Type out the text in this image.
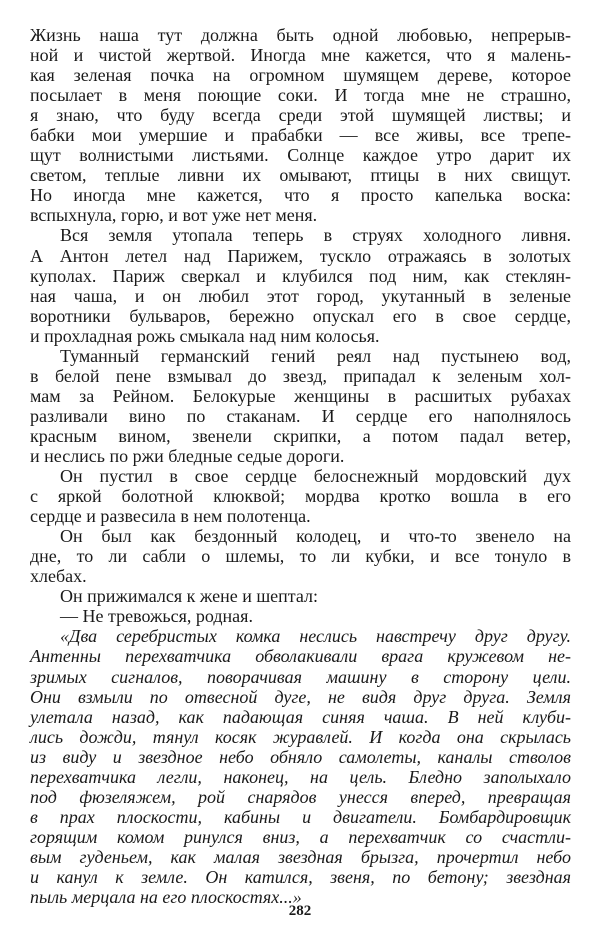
Жизнь наша тут должна быть одной любовью, непрерыв-
ной и чистой жертвой. Иногда мне кажется, что я малень-
кая зеленая почка на огромном шумящем дереве, которое
посылает в меня поющие соки. И тогда мне не страшно,
я знаю, что буду всегда среди этой шумящей листвы; и
бабки мои умершие и прабабки — все живы, все трепе-
щут волнистыми листьями. Солнце каждое утро дарит их
светом, теплые ливни их омывают, птицы в них свищут.
Но иногда мне кажется, что я просто капелька воска:
вспыхнула, горю, и вот уже нет меня.
Вся земля утопала теперь в струях холодного ливня.
А Антон летел над Парижем, тускло отражаясь в золотых
куполах. Париж сверкал и клубился под ним, как стеклян-
ная чаша, и он любил этот город, укутанный в зеленые
воротники бульваров, бережно опускал его в свое сердце,
и прохладная рожь смыкала над ним колосья.
Туманный германский гений реял над пустынею вод,
в белой пене взмывал до звезд, припадал к зеленым хол-
мам за Рейном. Белокурые женщины в расшитых рубахах
разливали вино по стаканам. И сердце его наполнялось
красным вином, звенели скрипки, а потом падал ветер,
и неслись по ржи бледные седые дороги.
Он пустил в свое сердце белоснежный мордовский дух
с яркой болотной клюквой; мордва кротко вошла в его
сердце и развесила в нем полотенца.
Он был как бездонный колодец, и что-то звенело на
дне, то ли сабли о шлемы, то ли кубки, и все тонуло в
хлебах.
Он прижимался к жене и шептал:
— Не тревожься, родная.
«Два серебристых комка неслись навстречу друг другу.
Антенны перехватчика обволакивали врага кружевом не-
зримых сигналов, поворачивая машину в сторону цели.
Они взмыли по отвесной дуге, не видя друг друга. Земля
улетала назад, как падающая синяя чаша. В ней клуби-
лись дожди, тянул косяк журавлей. И когда она скрылась
из виду и звездное небо обняло самолеты, каналы стволов
перехватчика легли, наконец, на цель. Бледно заполыхало
под фюзеляжем, рой снарядов унесся вперед, превращая
в прах плоскости, кабины и двигатели. Бомбардировщик
горящим комом ринулся вниз, а перехватчик со счастли-
вым гуденьем, как малая звездная брызга, прочертил небо
и канул к земле. Он катился, звеня, по бетону; звездная
пыль мерцала на его плоскостях...»
282
